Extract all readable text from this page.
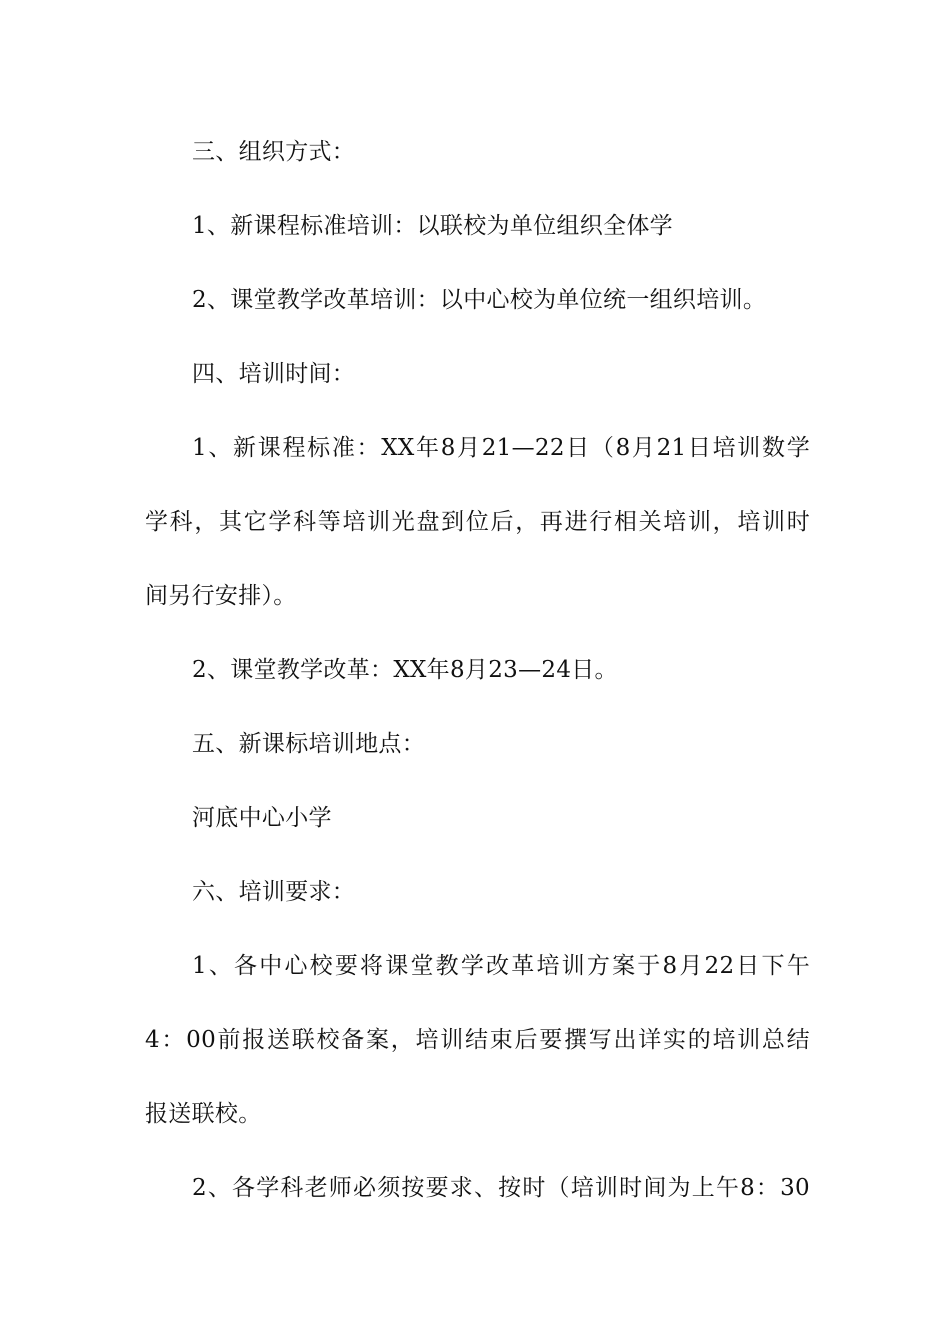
三、组织方式：
1、新课程标准培训：以联校为单位组织全体学
2、课堂教学改革培训：以中心校为单位统一组织培训。
四、培训时间：
1、新课程标准：XX年8月21—22日（8月21日培训数学
学科，其它学科等培训光盘到位后，再进行相关培训，培训时
间另行安排）。
2、课堂教学改革：XX年8月23—24日。
五、新课标培训地点：
河底中心小学
六、培训要求：
1、各中心校要将课堂教学改革培训方案于8月22日下午
4：00前报送联校备案，培训结束后要撰写出详实的培训总结
报送联校。
2、各学科老师必须按要求、按时（培训时间为上午8：30
